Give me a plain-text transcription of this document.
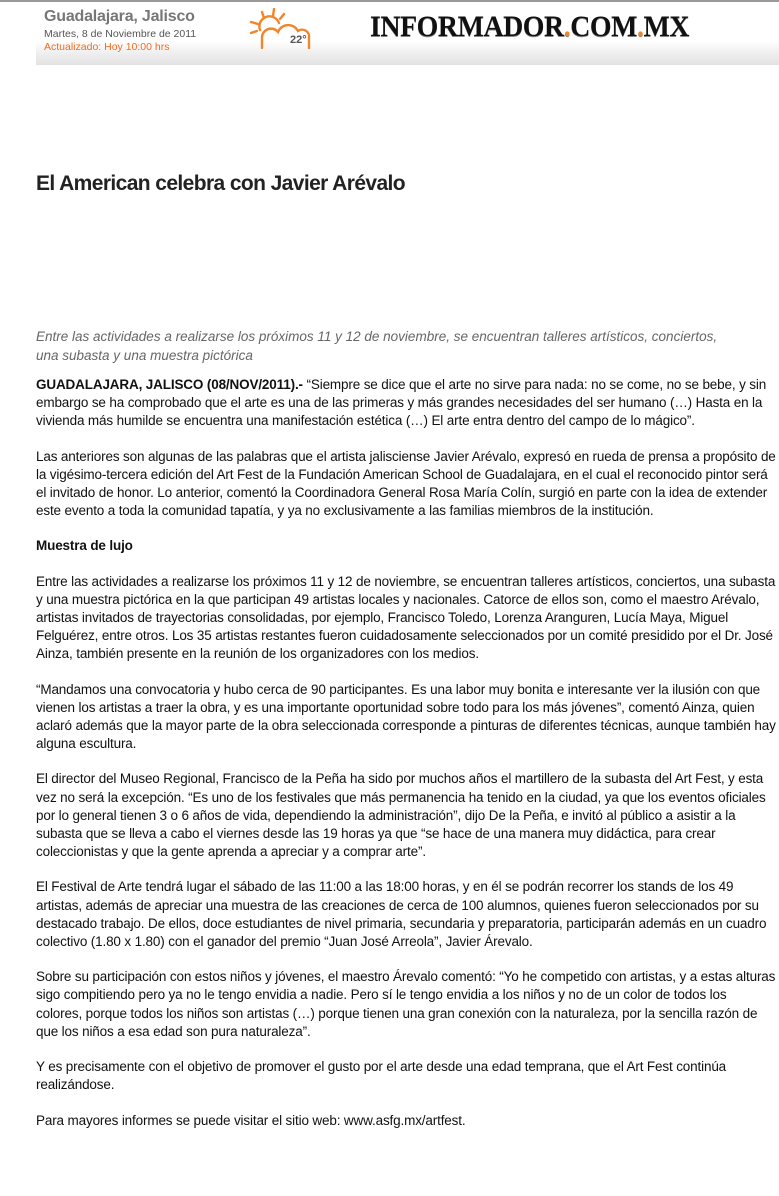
Guadalajara, Jalisco
Martes, 8 de Noviembre de 2011
Actualizado: Hoy 10:00 hrs
22° INFORMADOR.COM.MX
El American celebra con Javier Arévalo

Entre las actividades a realizarse los próximos 11 y 12 de noviembre, se encuentran talleres artísticos, conciertos, una subasta y una muestra pictórica

GUADALAJARA, JALISCO (08/NOV/2011).- “Siempre se dice que el arte no sirve para nada: no se come, no se bebe, y sin embargo se ha comprobado que el arte es una de las primeras y más grandes necesidades del ser humano (…) Hasta en la vivienda más humilde se encuentra una manifestación estética (…) El arte entra dentro del campo de lo mágico”.

Las anteriores son algunas de las palabras que el artista jalisciense Javier Arévalo, expresó en rueda de prensa a propósito de la vigésimo-tercera edición del Art Fest de la Fundación American School de Guadalajara, en el cual el reconocido pintor será el invitado de honor. Lo anterior, comentó la Coordinadora General Rosa María Colín, surgió en parte con la idea de extender este evento a toda la comunidad tapatía, y ya no exclusivamente a las familias miembros de la institución.

Muestra de lujo

Entre las actividades a realizarse los próximos 11 y 12 de noviembre, se encuentran talleres artísticos, conciertos, una subasta y una muestra pictórica en la que participan 49 artistas locales y nacionales. Catorce de ellos son, como el maestro Arévalo, artistas invitados de trayectorias consolidadas, por ejemplo, Francisco Toledo, Lorenza Aranguren, Lucía Maya, Miguel Felguérez, entre otros. Los 35 artistas restantes fueron cuidadosamente seleccionados por un comité presidido por el Dr. José Ainza, también presente en la reunión de los organizadores con los medios.

“Mandamos una convocatoria y hubo cerca de 90 participantes. Es una labor muy bonita e interesante ver la ilusión con que vienen los artistas a traer la obra, y es una importante oportunidad sobre todo para los más jóvenes”, comentó Ainza, quien aclaró además que la mayor parte de la obra seleccionada corresponde a pinturas de diferentes técnicas, aunque también hay alguna escultura.

El director del Museo Regional, Francisco de la Peña ha sido por muchos años el martillero de la subasta del Art Fest, y esta vez no será la excepción. “Es uno de los festivales que más permanencia ha tenido en la ciudad, ya que los eventos oficiales por lo general tienen 3 o 6 años de vida, dependiendo la administración”, dijo De la Peña, e invitó al público a asistir a la subasta que se lleva a cabo el viernes desde las 19 horas ya que “se hace de una manera muy didáctica, para crear coleccionistas y que la gente aprenda a apreciar y a comprar arte”.

El Festival de Arte tendrá lugar el sábado de las 11:00 a las 18:00 horas, y en él se podrán recorrer los stands de los 49 artistas, además de apreciar una muestra de las creaciones de cerca de 100 alumnos, quienes fueron seleccionados por su destacado trabajo. De ellos, doce estudiantes de nivel primaria, secundaria y preparatoria, participarán además en un cuadro colectivo (1.80 x 1.80) con el ganador del premio “Juan José Arreola”, Javier Árevalo.

Sobre su participación con estos niños y jóvenes, el maestro Árevalo comentó: “Yo he competido con artistas, y a estas alturas sigo compitiendo pero ya no le tengo envidia a nadie. Pero sí le tengo envidia a los niños y no de un color de todos los colores, porque todos los niños son artistas (…) porque tienen una gran conexión con la naturaleza, por la sencilla razón de que los niños a esa edad son pura naturaleza”.

Y es precisamente con el objetivo de promover el gusto por el arte desde una edad temprana, que el Art Fest continúa realizándose.

Para mayores informes se puede visitar el sitio web: www.asfg.mx/artfest.
